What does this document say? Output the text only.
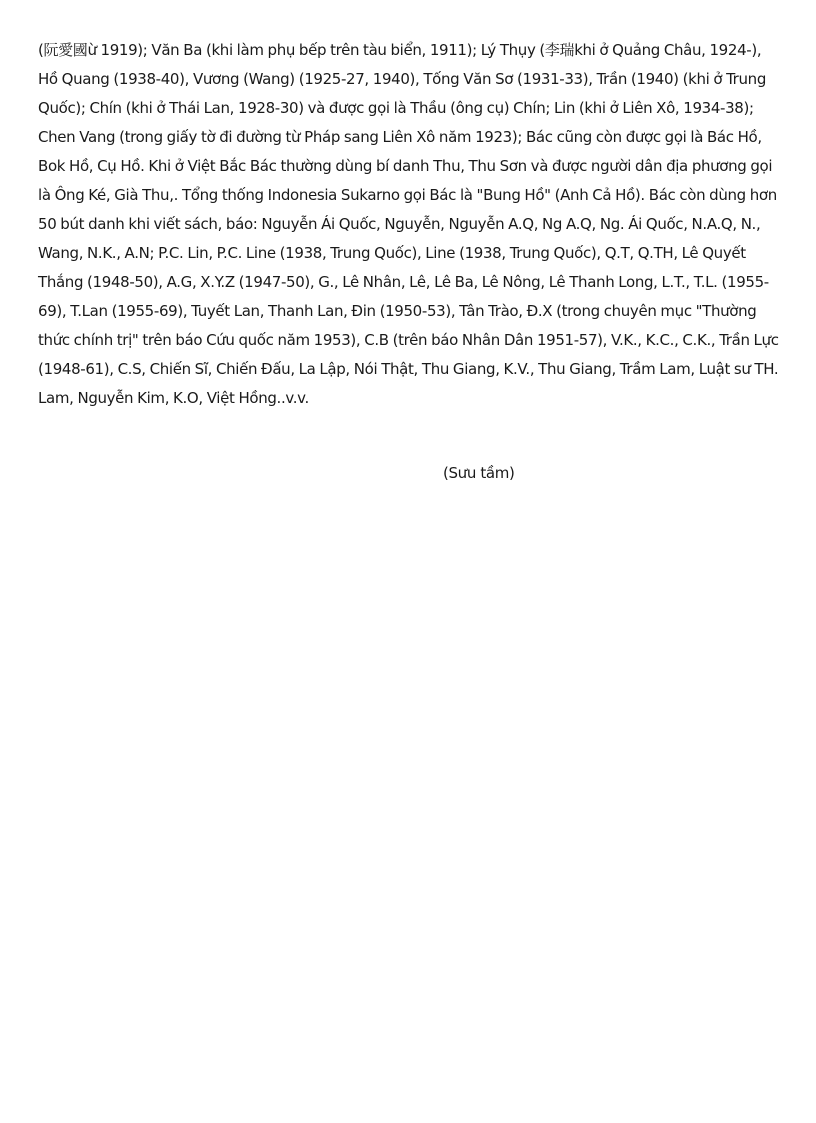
(阮愛國ừ 1919); Văn Ba (khi làm phụ bếp trên tàu biển, 1911); Lý Thụy (李瑞khi ở Quảng Châu, 1924-), Hồ Quang (1938-40), Vương (Wang) (1925-27, 1940), Tống Văn Sơ (1931-33), Trần (1940) (khi ở Trung Quốc); Chín (khi ở Thái Lan, 1928-30) và được gọi là Thầu (ông cụ) Chín; Lin (khi ở Liên Xô, 1934-38); Chen Vang (trong giấy tờ đi đường từ Pháp sang Liên Xô năm 1923); Bác cũng còn được gọi là Bác Hồ, Bok Hồ, Cụ Hồ. Khi ở Việt Bắc Bác thường dùng bí danh Thu, Thu Sơn và được người dân địa phương gọi là Ông Ké, Già Thu,. Tổng thống Indonesia Sukarno gọi Bác là "Bung Hồ" (Anh Cả Hồ). Bác còn dùng hơn 50 bút danh khi viết sách, báo: Nguyễn Ái Quốc, Nguyễn, Nguyễn A.Q, Ng A.Q, Ng. Ái Quốc, N.A.Q, N., Wang, N.K., A.N; P.C. Lin, P.C. Line (1938, Trung Quốc), Line (1938, Trung Quốc), Q.T, Q.TH, Lê Quyết Thắng (1948-50), A.G, X.Y.Z (1947-50), G., Lê Nhân, Lê, Lê Ba, Lê Nông, Lê Thanh Long, L.T., T.L. (1955-69), T.Lan (1955-69), Tuyết Lan, Thanh Lan, Đin (1950-53), Tân Trào, Đ.X (trong chuyên mục "Thường thức chính trị" trên báo Cứu quốc năm 1953), C.B (trên báo Nhân Dân 1951-57), V.K., K.C., C.K., Trần Lực (1948-61), C.S, Chiến Sĩ, Chiến Đấu, La Lập, Nói Thật, Thu Giang, K.V., Thu Giang, Trầm Lam, Luật sư TH. Lam, Nguyễn Kim, K.O, Việt Hồng..v.v.

(Sưu tầm)
